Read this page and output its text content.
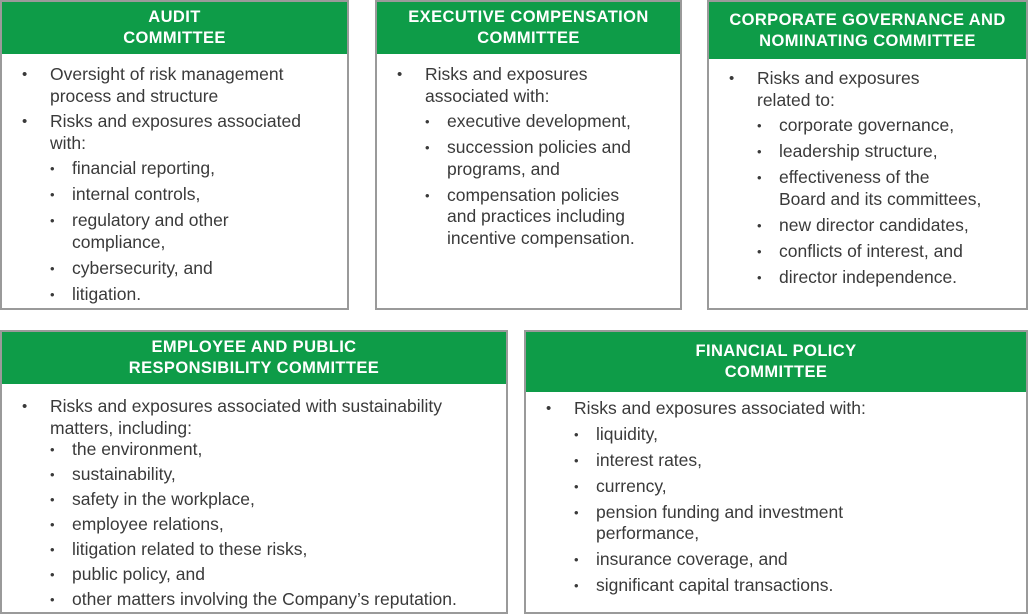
AUDIT
COMMITTEE
• Oversight of risk management
process and structure
• Risks and exposures associated
with:
• financial reporting,
• internal controls,
• regulatory and other
compliance,
• cybersecurity, and
• litigation.
EXECUTIVE COMPENSATION
COMMITTEE
• Risks and exposures
associated with:
• executive development,
• succession policies and
programs, and
• compensation policies
and practices including
incentive compensation.
CORPORATE GOVERNANCE AND
NOMINATING COMMITTEE
• Risks and exposures
related to:
• corporate governance,
• leadership structure,
• effectiveness of the
Board and its committees,
• new director candidates,
• conflicts of interest, and
• director independence.
EMPLOYEE AND PUBLIC
RESPONSIBILITY COMMITTEE
• Risks and exposures associated with sustainability
matters, including:
• the environment,
• sustainability,
• safety in the workplace,
• employee relations,
• litigation related to these risks,
• public policy, and
• other matters involving the Company’s reputation.
FINANCIAL POLICY
COMMITTEE
• Risks and exposures associated with:
• liquidity,
• interest rates,
• currency,
• pension funding and investment
performance,
• insurance coverage, and
• significant capital transactions.
